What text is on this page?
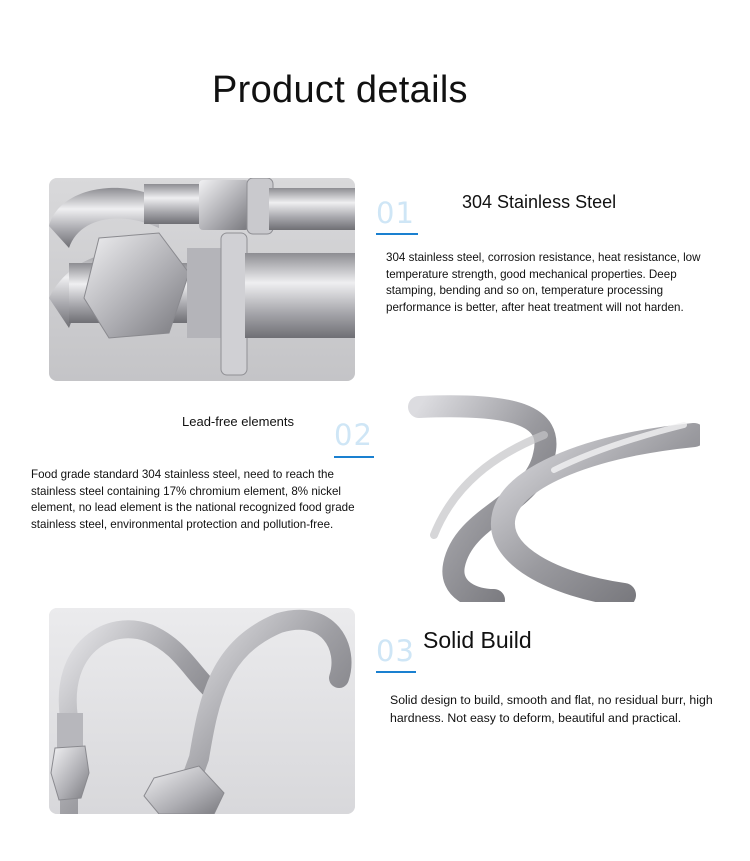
Product details
01	304 Stainless Steel

304 stainless steel, corrosion resistance, heat resistance, low temperature strength, good mechanical properties. Deep stamping, bending and so on, temperature processing performance is better, after heat treatment will not harden.

Lead-free elements 02

Food grade standard 304 stainless steel, need to reach the stainless steel containing 17% chromium element, 8% nickel element, no lead element is the national recognized food grade stainless steel, environmental protection and pollution-free.

03 Solid Build

Solid design to build, smooth and flat, no residual burr, high hardness. Not easy to deform, beautiful and practical.
